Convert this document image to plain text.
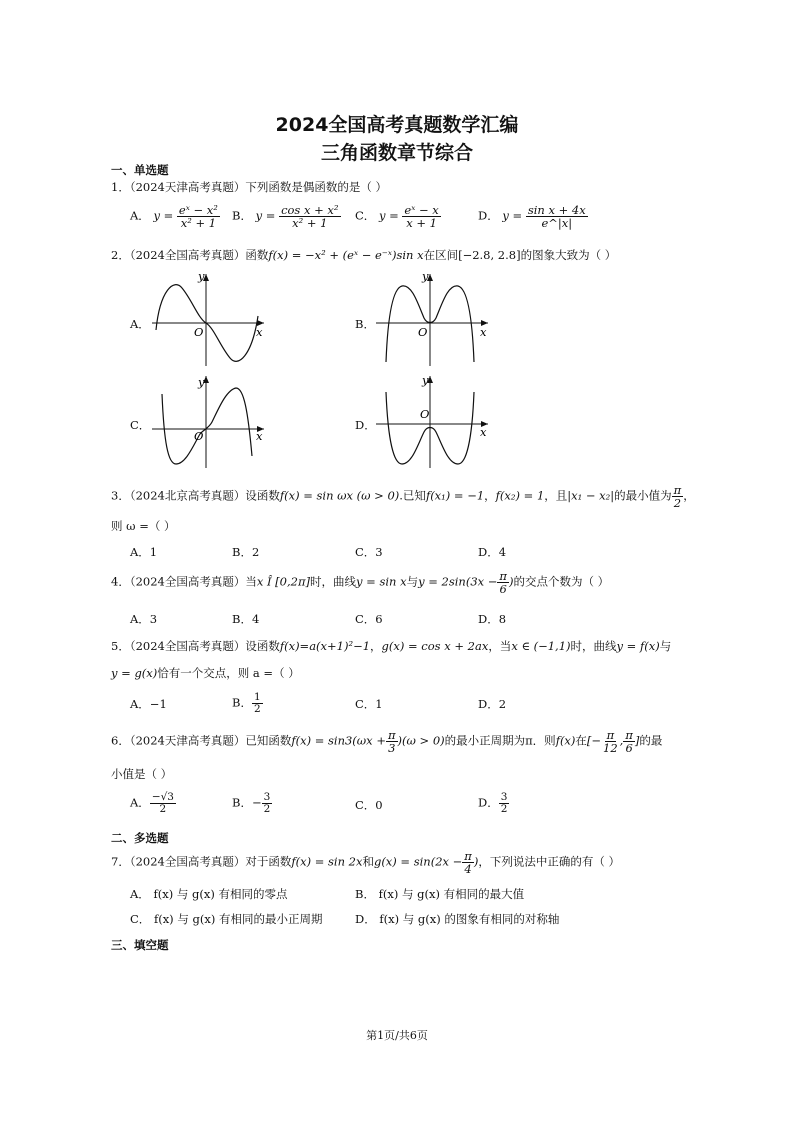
2024全国高考真题数学汇编
三角函数章节综合
一、单选题
1．（2024天津高考真题）下列函数是偶函数的是（ ）
A． $y = \frac{\text{eˣ − x²}}{\text{x² + 1}}$ B． $y = \frac{\text{cos x + x²}}{\text{x² + 1}}$ C． $y = \frac{\text{eˣ − x}}{x + 1}$	D． $y = \frac{\text{sin x + 4x}}{e\^{}|x|}$
2．（2024全国高考真题）函数f(x) = −x² + (eˣ − e⁻ˣ)sin x在区间[−2.8, 2.8]的图象大致为（ ）
A．	B．
C．	D．
y
x
O
y
x
O
y
x
O
y
x
O
3．（2024北京高考真题）设函数f(x) = sin ωx (ω > 0).已知f(x₁) = −1，f(x₂) = 1，且|x₁ − x₂|的最小值为 $\frac{\pi}{2}$ ，
则 ω =（ ）
A．1	B．2	C．3	D．4
4．（2024全国高考真题）当x Î [0,2π]时，曲线y = sin x与$y = 2\sin(3x - \frac{\pi}{6}$ )的交点个数为（ ）
A．3	B．4	C．6	D．8
5．（2024全国高考真题）设函数f(x)=a(x+1)²−1，g(x) = cos x + 2ax，当x ∈ (−1,1)时，曲线y = f(x)与
y = g(x)恰有一个交点，则 a =（ ）
A．−1	B． $\frac{1}{2}$	C．1	D．2
6．（2024天津高考真题）已知函数$f(x) = \sin 3(\omega x + \frac{\pi}{3} )(\omega > 0)$的最小正周期为π．则f(x)在[− $\frac{\pi}{12}$ , $\frac{\pi}{6}$ ]的最
小值是（ ）
A． $\frac{-√3}{2}$	B．− $\frac{3}{2}$	C．0	D． $\frac{3}{2}$
二、多选题
7．（2024全国高考真题）对于函数f(x) = sin 2x和$g(x) = \sin(2x - \frac{\pi}{4}$ )，下列说法中正确的有（ ）
A． f(x) 与 g(x) 有相同的零点	B． f(x) 与 g(x) 有相同的最大值
C． f(x) 与 g(x) 有相同的最小正周期	D． f(x) 与 g(x) 的图象有相同的对称轴
三、填空题
第1页/共6页
